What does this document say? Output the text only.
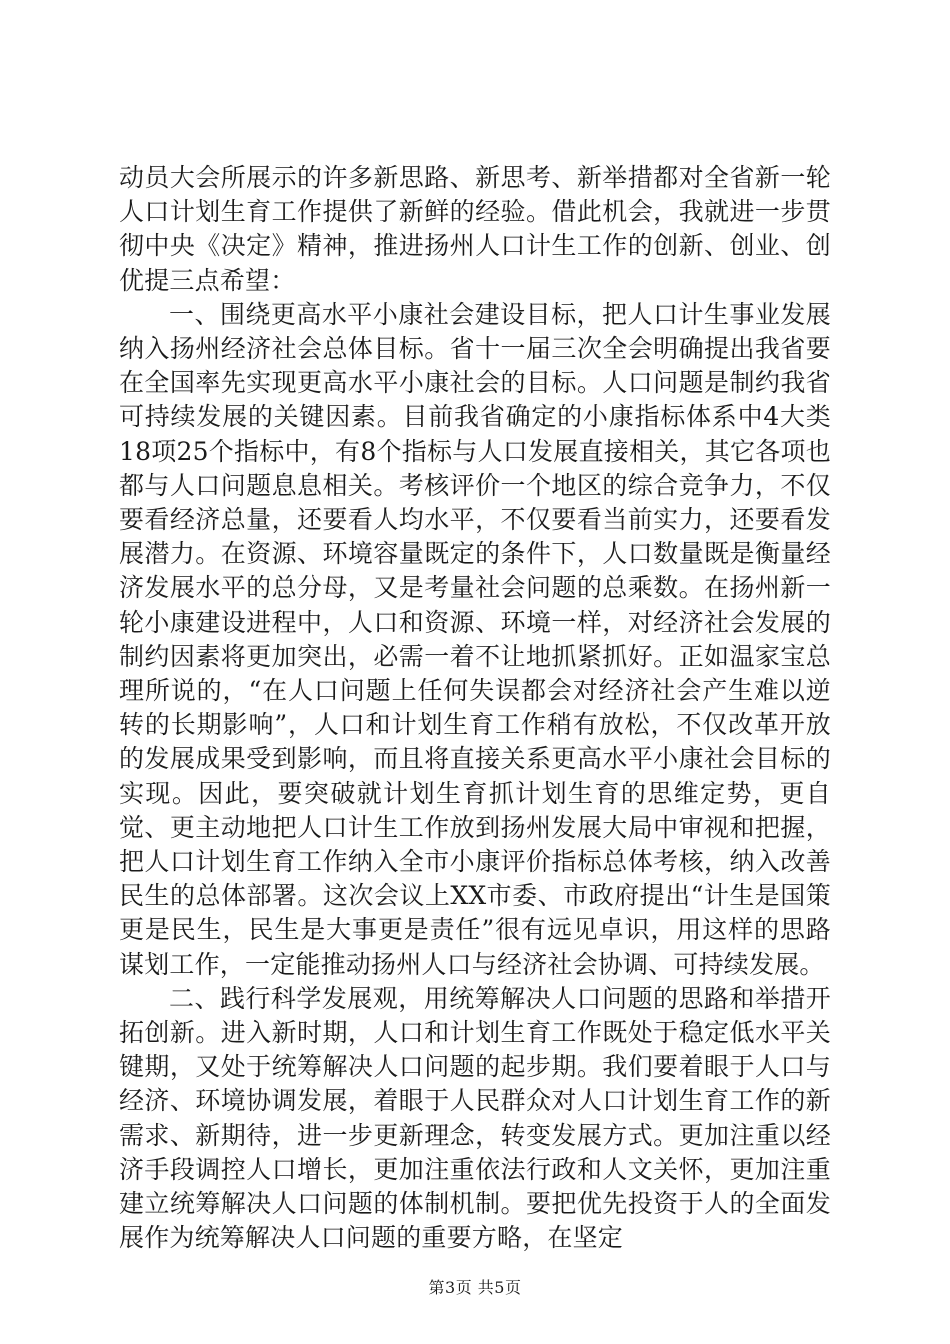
动员大会所展示的许多新思路、新思考、新举措都对全省新一轮人口计划生育工作提供了新鲜的经验。借此机会，我就进一步贯彻中央《决定》精神，推进扬州人口计生工作的创新、创业、创优提三点希望：

一、围绕更高水平小康社会建设目标，把人口计生事业发展纳入扬州经济社会总体目标。省十一届三次全会明确提出我省要在全国率先实现更高水平小康社会的目标。人口问题是制约我省可持续发展的关键因素。目前我省确定的小康指标体系中4大类18项25个指标中，有8个指标与人口发展直接相关，其它各项也都与人口问题息息相关。考核评价一个地区的综合竞争力，不仅要看经济总量，还要看人均水平，不仅要看当前实力，还要看发展潜力。在资源、环境容量既定的条件下，人口数量既是衡量经济发展水平的总分母，又是考量社会问题的总乘数。在扬州新一轮小康建设进程中，人口和资源、环境一样，对经济社会发展的制约因素将更加突出，必需一着不让地抓紧抓好。正如温家宝总理所说的，“在人口问题上任何失误都会对经济社会产生难以逆转的长期影响”，人口和计划生育工作稍有放松，不仅改革开放的发展成果受到影响，而且将直接关系更高水平小康社会目标的实现。因此，要突破就计划生育抓计划生育的思维定势，更自觉、更主动地把人口计生工作放到扬州发展大局中审视和把握，把人口计划生育工作纳入全市小康评价指标总体考核，纳入改善民生的总体部署。这次会议上XX市委、市政府提出“计生是国策更是民生，民生是大事更是责任”很有远见卓识，用这样的思路谋划工作，一定能推动扬州人口与经济社会协调、可持续发展。

二、践行科学发展观，用统筹解决人口问题的思路和举措开拓创新。进入新时期，人口和计划生育工作既处于稳定低水平关键期，又处于统筹解决人口问题的起步期。我们要着眼于人口与经济、环境协调发展，着眼于人民群众对人口计划生育工作的新需求、新期待，进一步更新理念，转变发展方式。更加注重以经济手段调控人口增长，更加注重依法行政和人文关怀，更加注重建立统筹解决人口问题的体制机制。要把优先投资于人的全面发展作为统筹解决人口问题的重要方略，在坚定

第3页 共5页
